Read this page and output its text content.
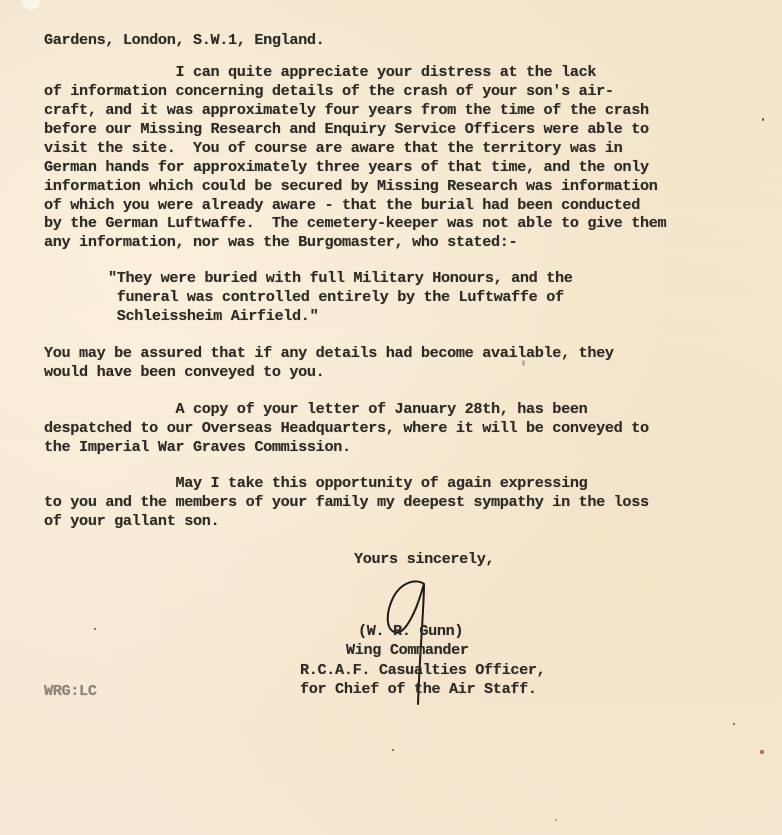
Gardens, London, S.W.1, England.
I can quite appreciate your distress at the lack
of information concerning details of the crash of your son's air-
craft, and it was approximately four years from the time of the crash
before our Missing Research and Enquiry Service Officers were able to
visit the site.  You of course are aware that the territory was in
German hands for approximately three years of that time, and the only
information which could be secured by Missing Research was information
of which you were already aware - that the burial had been conducted
by the German Luftwaffe.  The cemetery-keeper was not able to give them
any information, nor was the Burgomaster, who stated:-
"They were buried with full Military Honours, and the
funeral was controlled entirely by the Luftwaffe of
Schleissheim Airfield."
You may be assured that if any details had become available, they
would have been conveyed to you.
A copy of your letter of January 28th, has been
despatched to our Overseas Headquarters, where it will be conveyed to
the Imperial War Graves Commission.
May I take this opportunity of again expressing
to you and the members of your family my deepest sympathy in the loss
of your gallant son.
Yours sincerely,
(W. R. Gunn)
Wing Commander
R.C.A.F. Casualties Officer,
for Chief of the Air Staff.
WRG:LC
